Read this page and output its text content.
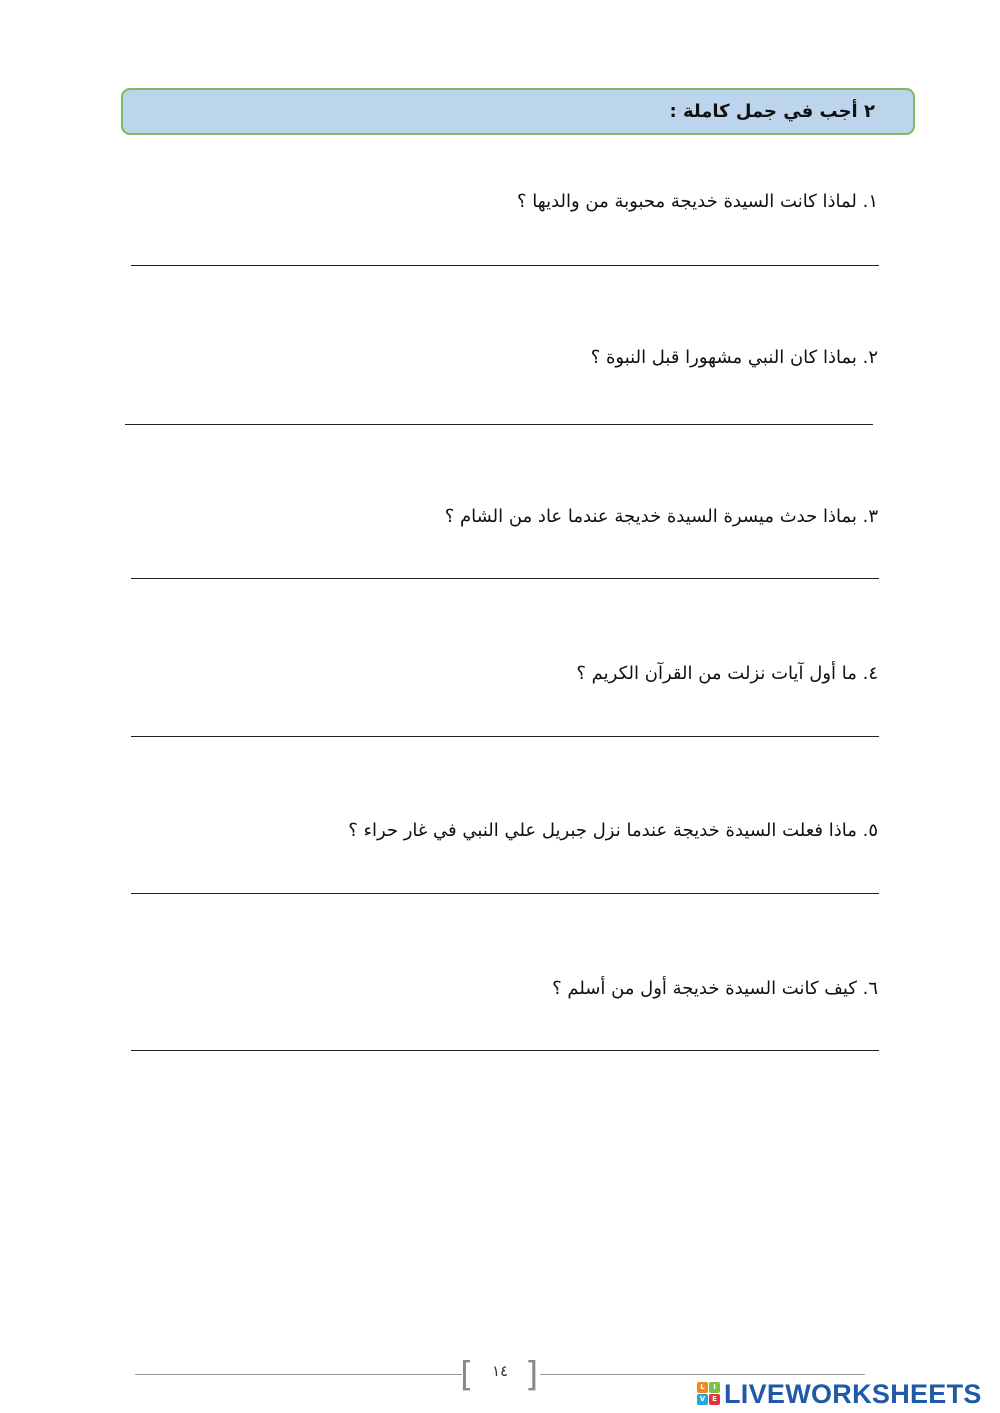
٢ أجب في جمل كاملة :
١. لماذا كانت السيدة خديجة محبوبة من والديها ؟
٢. بماذا كان النبي مشهورا قبل النبوة ؟
٣. بماذا حدث ميسرة السيدة خديجة عندما عاد من الشام ؟
٤. ما أول آيات نزلت من القرآن الكريم ؟
٥. ماذا فعلت السيدة خديجة عندما نزل جبريل علي النبي في غار حراء ؟
٦. كيف كانت السيدة خديجة أول من أسلم ؟
[ ]
١٤
L	I
V E LIVEWORKSHEETS
